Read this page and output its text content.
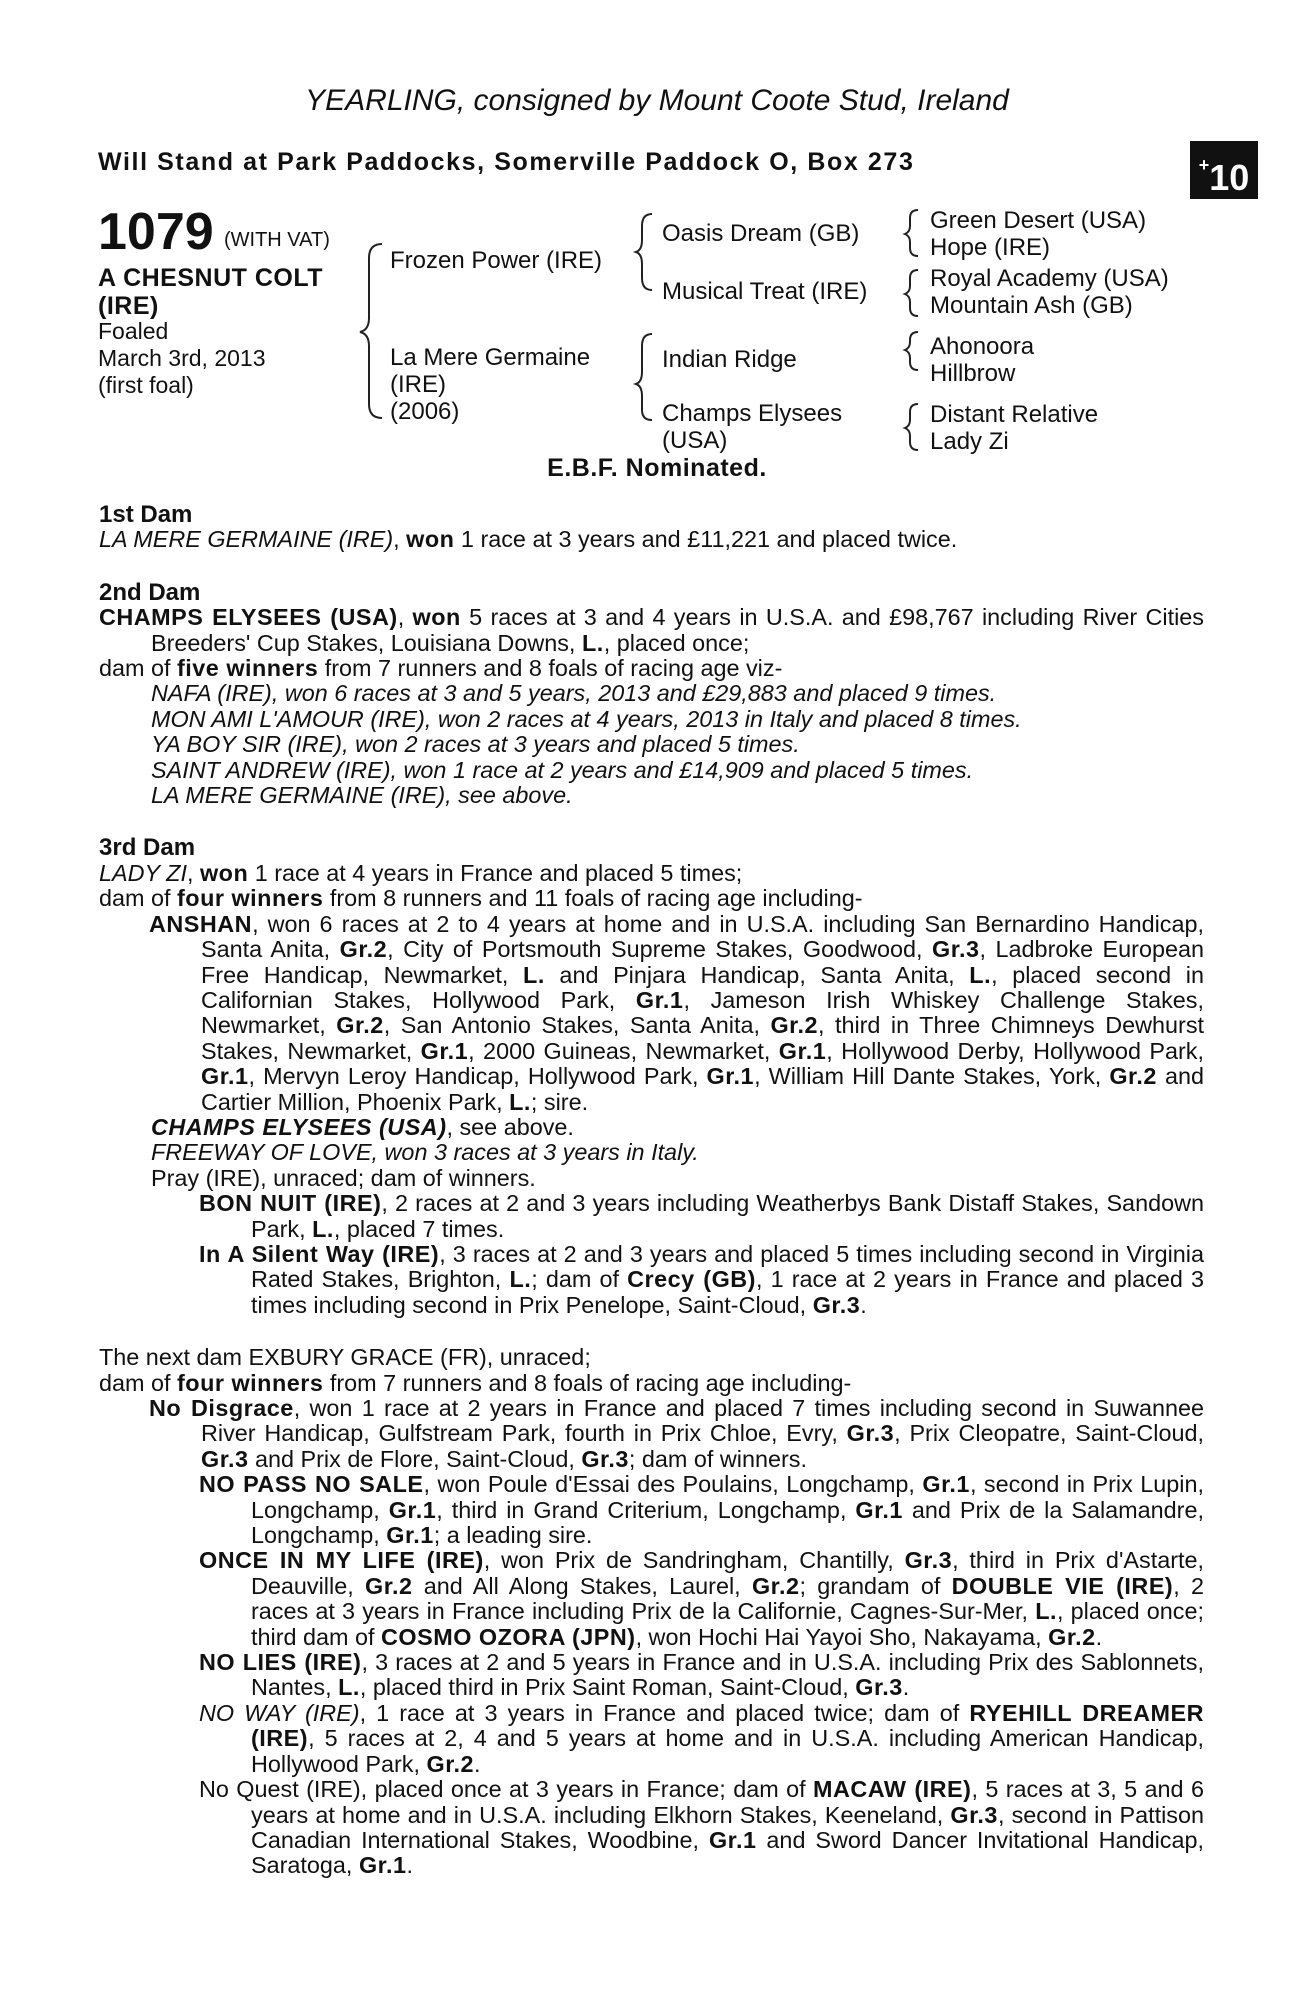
YEARLING, consigned by Mount Coote Stud, Ireland
Will Stand at Park Paddocks, Somerville Paddock O, Box 273	+10
1079 (WITH VAT)
A CHESNUT COLT
(IRE)
Foaled
March 3rd, 2013
(first foal)
Frozen Power (IRE)
La Mere Germaine
(IRE)
(2006)
Oasis Dream (GB)
Musical Treat (IRE)
Indian Ridge
Champs Elysees
(USA)
Green Desert (USA)
Hope (IRE)
Royal Academy (USA)
Mountain Ash (GB)
Ahonoora
Hillbrow
Distant Relative
Lady Zi
E.B.F. Nominated.

1st Dam

LA MERE GERMAINE (IRE), won 1 race at 3 years and £11,221 and placed twice.

2nd Dam

CHAMPS ELYSEES (USA), won 5 races at 3 and 4 years in U.S.A. and £98,767 including River Cities Breeders' Cup Stakes, Louisiana Downs, L., placed once;

dam of five winners from 7 runners and 8 foals of racing age viz-

NAFA (IRE), won 6 races at 3 and 5 years, 2013 and £29,883 and placed 9 times.

MON AMI L'AMOUR (IRE), won 2 races at 4 years, 2013 in Italy and placed 8 times.

YA BOY SIR (IRE), won 2 races at 3 years and placed 5 times.

SAINT ANDREW (IRE), won 1 race at 2 years and £14,909 and placed 5 times.

LA MERE GERMAINE (IRE), see above.

3rd Dam

LADY ZI, won 1 race at 4 years in France and placed 5 times;

dam of four winners from 8 runners and 11 foals of racing age including-

ANSHAN, won 6 races at 2 to 4 years at home and in U.S.A. including San Bernardino Handicap, Santa Anita, Gr.2, City of Portsmouth Supreme Stakes, Goodwood, Gr.3, Ladbroke European Free Handicap, Newmarket, L. and Pinjara Handicap, Santa Anita, L., placed second in Californian Stakes, Hollywood Park, Gr.1, Jameson Irish Whiskey Challenge Stakes, Newmarket, Gr.2, San Antonio Stakes, Santa Anita, Gr.2, third in Three Chimneys Dewhurst Stakes, Newmarket, Gr.1, 2000 Guineas, Newmarket, Gr.1, Hollywood Derby, Hollywood Park, Gr.1, Mervyn Leroy Handicap, Hollywood Park, Gr.1, William Hill Dante Stakes, York, Gr.2 and Cartier Million, Phoenix Park, L.; sire.

CHAMPS ELYSEES (USA), see above.

FREEWAY OF LOVE, won 3 races at 3 years in Italy.

Pray (IRE), unraced; dam of winners.

BON NUIT (IRE), 2 races at 2 and 3 years including Weatherbys Bank Distaff Stakes, Sandown Park, L., placed 7 times.

In A Silent Way (IRE), 3 races at 2 and 3 years and placed 5 times including second in Virginia Rated Stakes, Brighton, L.; dam of Crecy (GB), 1 race at 2 years in France and placed 3 times including second in Prix Penelope, Saint-Cloud, Gr.3.

The next dam EXBURY GRACE (FR), unraced;

dam of four winners from 7 runners and 8 foals of racing age including-

No Disgrace, won 1 race at 2 years in France and placed 7 times including second in Suwannee River Handicap, Gulfstream Park, fourth in Prix Chloe, Evry, Gr.3, Prix Cleopatre, Saint-Cloud, Gr.3 and Prix de Flore, Saint-Cloud, Gr.3; dam of winners.

NO PASS NO SALE, won Poule d'Essai des Poulains, Longchamp, Gr.1, second in Prix Lupin, Longchamp, Gr.1, third in Grand Criterium, Longchamp, Gr.1 and Prix de la Salamandre, Longchamp, Gr.1; a leading sire.

ONCE IN MY LIFE (IRE), won Prix de Sandringham, Chantilly, Gr.3, third in Prix d'Astarte, Deauville, Gr.2 and All Along Stakes, Laurel, Gr.2; grandam of DOUBLE VIE (IRE), 2 races at 3 years in France including Prix de la Californie, Cagnes-Sur-Mer, L., placed once; third dam of COSMO OZORA (JPN), won Hochi Hai Yayoi Sho, Nakayama, Gr.2.

NO LIES (IRE), 3 races at 2 and 5 years in France and in U.S.A. including Prix des Sablonnets, Nantes, L., placed third in Prix Saint Roman, Saint-Cloud, Gr.3.

NO WAY (IRE), 1 race at 3 years in France and placed twice; dam of RYEHILL DREAMER (IRE), 5 races at 2, 4 and 5 years at home and in U.S.A. including American Handicap, Hollywood Park, Gr.2.

No Quest (IRE), placed once at 3 years in France; dam of MACAW (IRE), 5 races at 3, 5 and 6 years at home and in U.S.A. including Elkhorn Stakes, Keeneland, Gr.3, second in Pattison Canadian International Stakes, Woodbine, Gr.1 and Sword Dancer Invitational Handicap, Saratoga, Gr.1.
